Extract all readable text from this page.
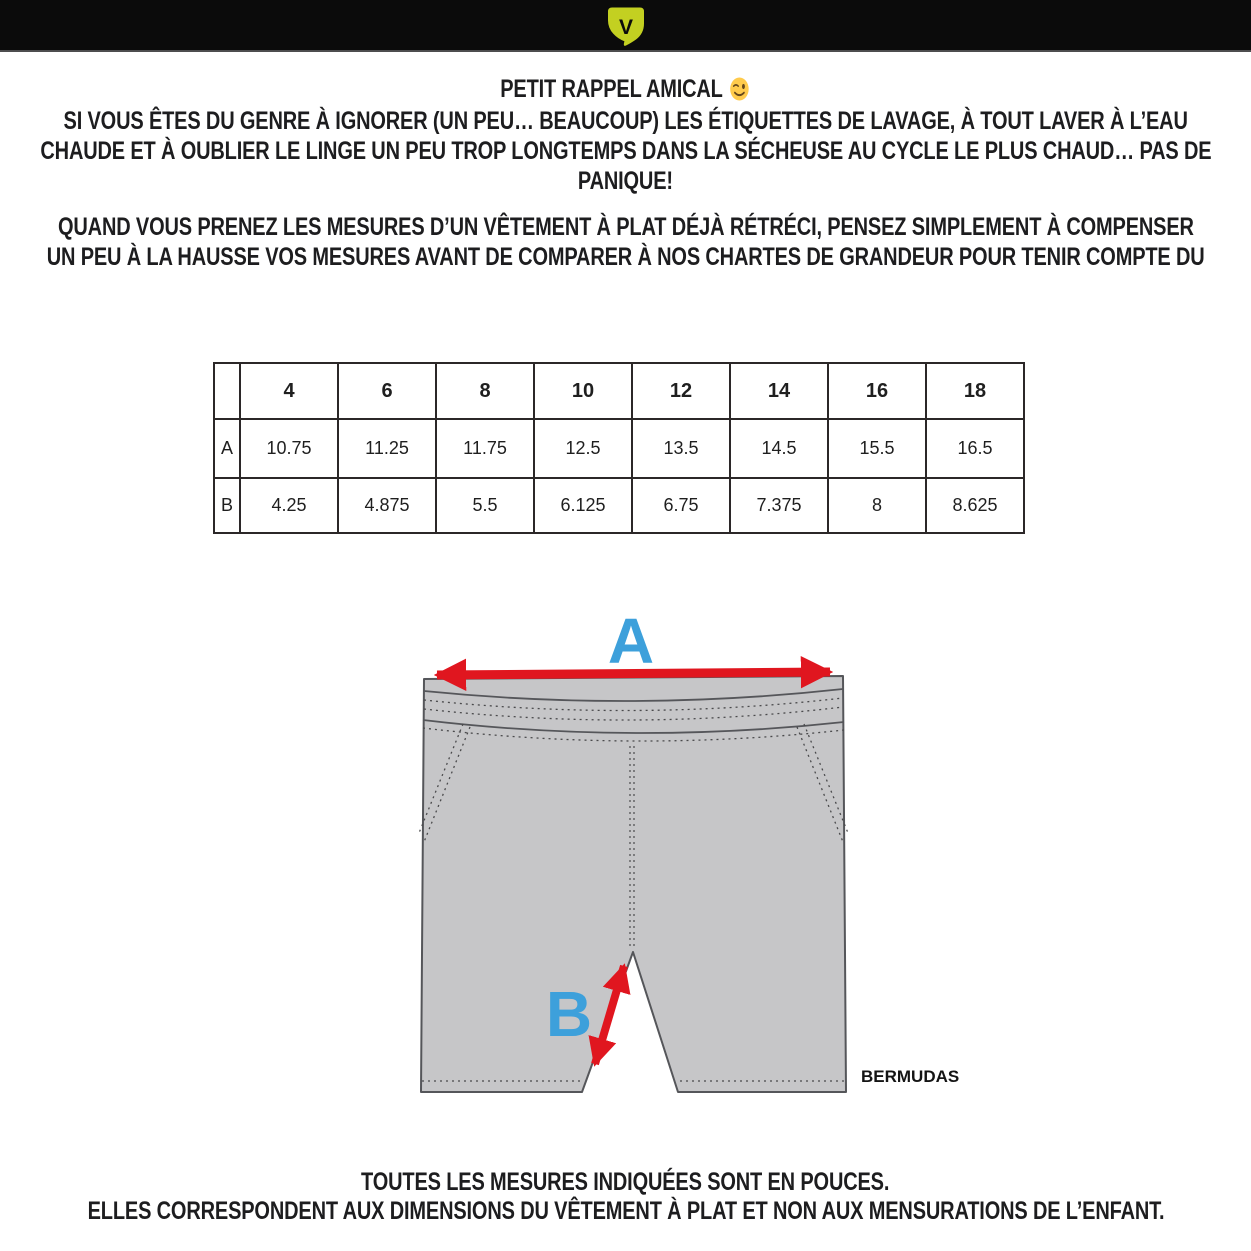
V
PETIT RAPPEL AMICAL
SI VOUS ÊTES DU GENRE À IGNORER (UN PEU… BEAUCOUP) LES ÉTIQUETTES DE LAVAGE, À TOUT LAVER À L’EAU
CHAUDE ET À OUBLIER LE LINGE UN PEU TROP LONGTEMPS DANS LA SÉCHEUSE AU CYCLE LE PLUS CHAUD… PAS DE
PANIQUE!
QUAND VOUS PRENEZ LES MESURES D’UN VÊTEMENT À PLAT DÉJÀ RÉTRÉCI, PENSEZ SIMPLEMENT À COMPENSER
UN PEU À LA HAUSSE VOS MESURES AVANT DE COMPARER À NOS CHARTES DE GRANDEUR POUR TENIR COMPTE DU
	4	6	8	10	12	14	16	18
A	10.75	11.25	11.75	12.5	13.5	14.5	15.5	16.5
B	4.25	4.875	5.5	6.125	6.75	7.375	8	8.625
A
B
BERMUDAS
TOUTES LES MESURES INDIQUÉES SONT EN POUCES.
ELLES CORRESPONDENT AUX DIMENSIONS DU VÊTEMENT À PLAT ET NON AUX MENSURATIONS DE L’ENFANT.
